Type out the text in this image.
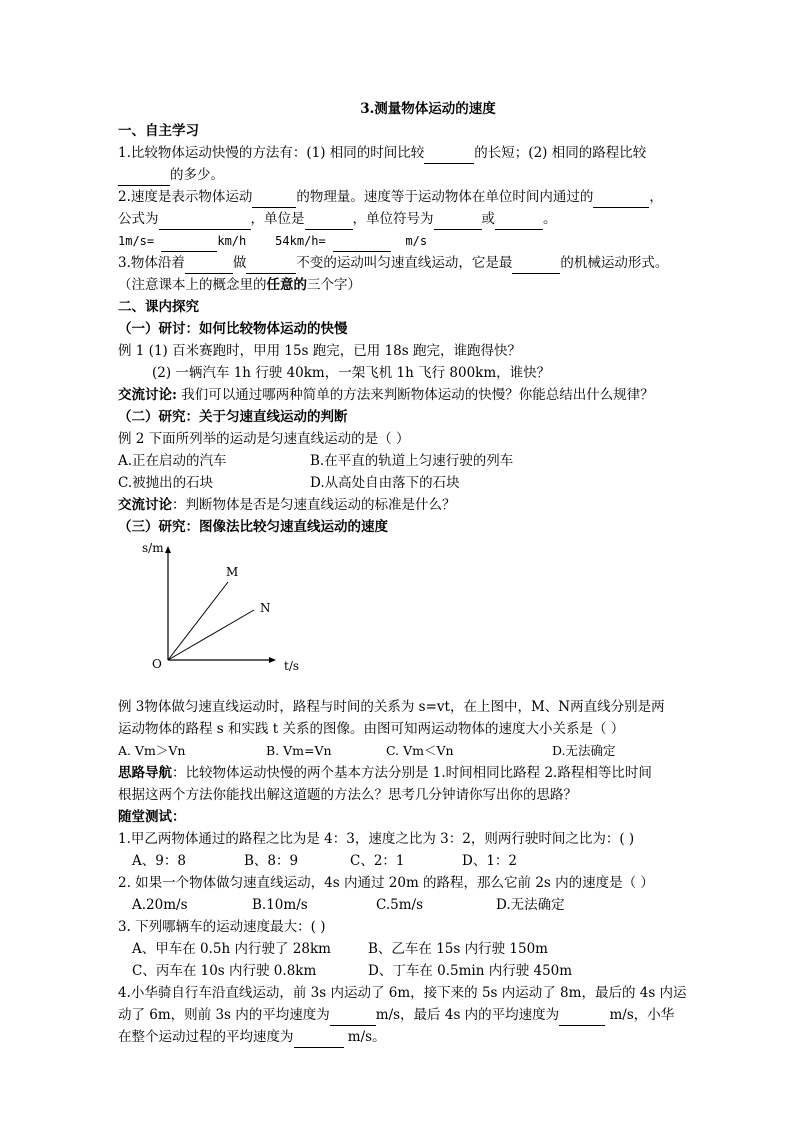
3.测量物体运动的速度
一、自主学习
1.比较物体运动快慢的方法有：(1) 相同的时间比较	的长短；(2) 相同的路程比较
的多少。
2.速度是表示物体运动	的物理量。速度等于运动物体在单位时间内通过的	，
公式为	，单位是	，单位符号为	或	。
1m/s=	km/h 54km/h=	m/s
3.物体沿着	做	不变的运动叫匀速直线运动，它是最	的机械运动形式。
（注意课本上的概念里的任意的三个字）
二、课内探究
（一）研讨：如何比较物体运动的快慢
例 1 (1) 百米赛跑时，甲用 15s 跑完，已用 18s 跑完，谁跑得快？
(2) 一辆汽车 1h 行驶 40km，一架飞机 1h 飞行 800km，谁快？
交流讨论: 我们可以通过哪两种简单的方法来判断物体运动的快慢？你能总结出什么规律？
（二）研究：关于匀速直线运动的判断
例 2 下面所列举的运动是匀速直线运动的是（ ）
A.正在启动的汽车	B.在平直的轨道上匀速行驶的列车
C.被抛出的石块	D.从高处自由落下的石块
交流讨论：判断物体是否是匀速直线运动的标准是什么？
（三）研究：图像法比较匀速直线运动的速度
s/m
t/s
O
M
N
例 3物体做匀速直线运动时，路程与时间的关系为 s=vt，在上图中，M、N两直线分别是两
运动物体的路程 s 和实践 t 关系的图像。由图可知两运动物体的速度大小关系是（ ）
A. Vm＞Vn	B. Vm=Vn	C. Vm＜Vn	D.无法确定
思路导航：比较物体运动快慢的两个基本方法分别是 1.时间相同比路程 2.路程相等比时间
根据这两个方法你能找出解这道题的方法么？思考几分钟请你写出你的思路？
随堂测试：
1.甲乙两物体通过的路程之比为是 4：3，速度之比为 3：2，则两行驶时间之比为：( )
A、9：8	B、8：9	C、2：1	D、1：2
2. 如果一个物体做匀速直线运动，4s 内通过 20m 的路程，那么它前 2s 内的速度是（ ）
A.20m/s	B.10m/s	C.5m/s	D.无法确定
3. 下列哪辆车的运动速度最大：( )
A、甲车在 0.5h 内行驶了 28km	B、乙车在 15s 内行驶 150m
C、丙车在 10s 内行驶 0.8km	D、丁车在 0.5min 内行驶 450m
4.小华骑自行车沿直线运动，前 3s 内运动了 6m，接下来的 5s 内运动了 8m，最后的 4s 内运
动了 6m，则前 3s 内的平均速度为	m/s，最后 4s 内的平均速度为	m/s，小华
在整个运动过程的平均速度为	m/s。
